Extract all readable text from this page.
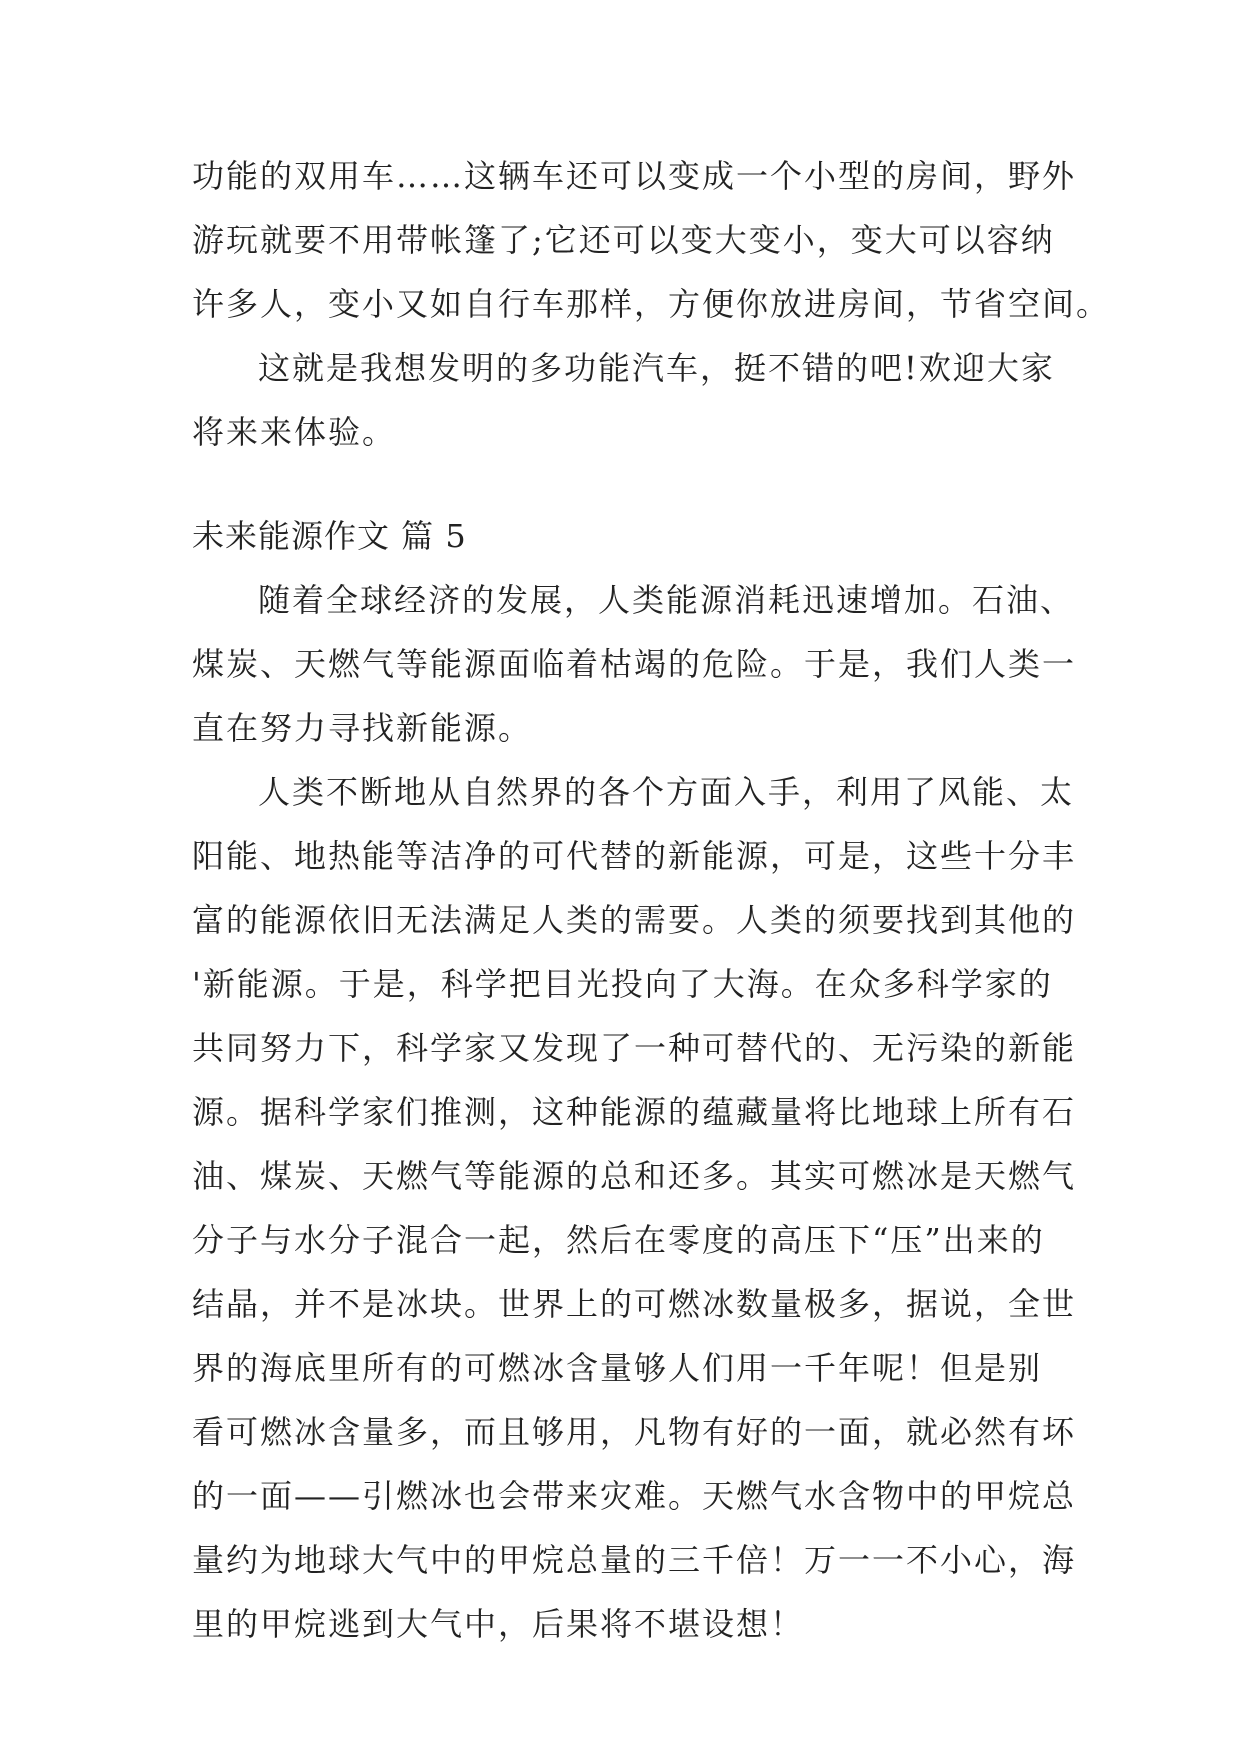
功能的双用车……这辆车还可以变成一个小型的房间，野外

游玩就要不用带帐篷了;它还可以变大变小，变大可以容纳

许多人，变小又如自行车那样，方便你放进房间，节省空间。

这就是我想发明的多功能汽车，挺不错的吧!欢迎大家

将来来体验。

未来能源作文 篇 5

随着全球经济的发展，人类能源消耗迅速增加。石油、

煤炭、天燃气等能源面临着枯竭的危险。于是，我们人类一

直在努力寻找新能源。

人类不断地从自然界的各个方面入手，利用了风能、太

阳能、地热能等洁净的可代替的新能源，可是，这些十分丰

富的能源依旧无法满足人类的需要。人类的须要找到其他的

'新能源。于是，科学把目光投向了大海。在众多科学家的

共同努力下，科学家又发现了一种可替代的、无污染的新能

源。据科学家们推测，这种能源的蕴藏量将比地球上所有石

油、煤炭、天燃气等能源的总和还多。其实可燃冰是天燃气

分子与水分子混合一起，然后在零度的高压下“压”出来的

结晶，并不是冰块。世界上的可燃冰数量极多，据说，全世

界的海底里所有的可燃冰含量够人们用一千年呢！但是别

看可燃冰含量多，而且够用，凡物有好的一面，就必然有坏

的一面——引燃冰也会带来灾难。天燃气水含物中的甲烷总

量约为地球大气中的甲烷总量的三千倍！万一一不小心，海

里的甲烷逃到大气中，后果将不堪设想！
